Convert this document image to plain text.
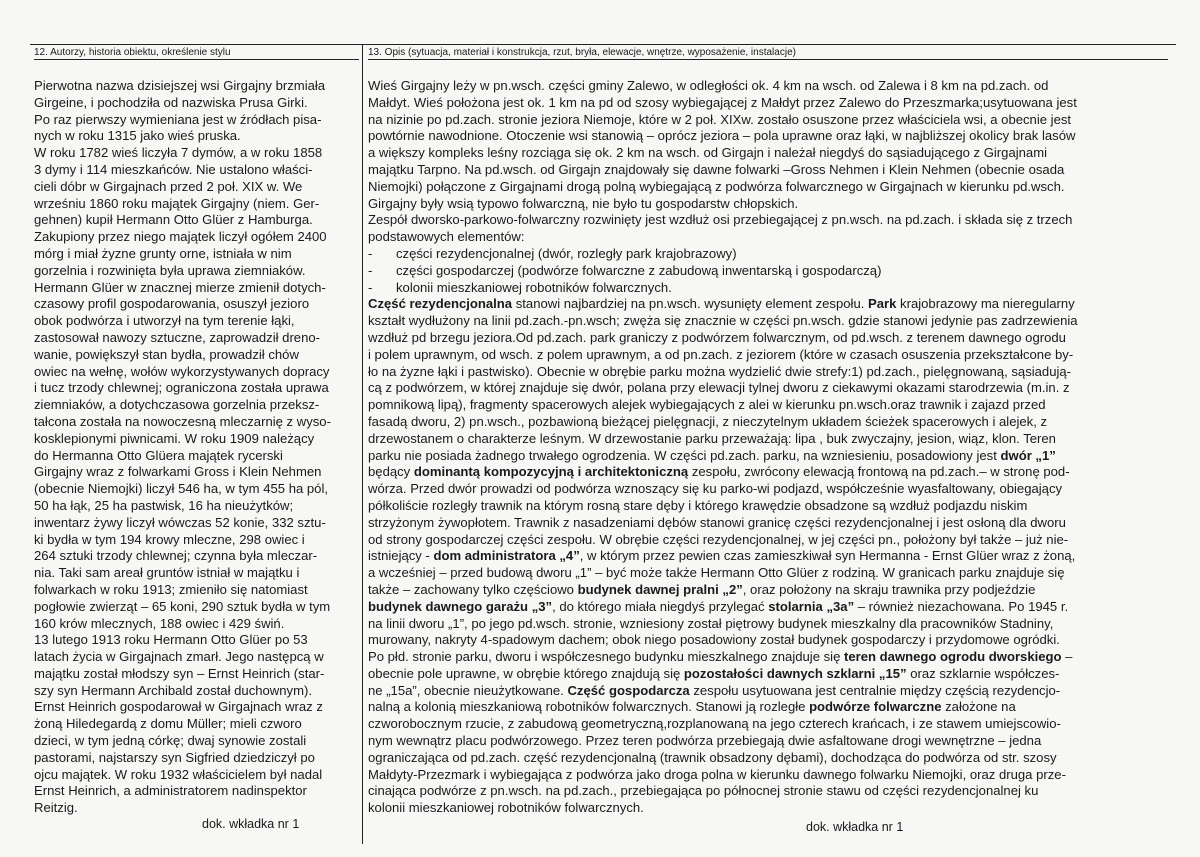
12. Autorzy, historia obiektu, określenie stylu	13. Opis (sytuacja, materiał i konstrukcja, rzut, bryła, elewacje, wnętrze, wyposażenie, instalacje)
Pierwotna nazwa dzisiejszej wsi Girgajny brzmiała
Girgeine, i pochodziła od nazwiska Prusa Girki.
Po raz pierwszy wymieniana jest w źródłach pisa-
nych w roku 1315 jako wieś pruska.
W roku 1782 wieś liczyła 7 dymów, a w roku 1858
3 dymy i 114 mieszkańców. Nie ustalono właści-
cieli dóbr w Girgajnach przed 2 poł. XIX w. We
wrześniu 1860 roku majątek Girgajny (niem. Ger-
gehnen) kupił Hermann Otto Glüer z Hamburga.
Zakupiony przez niego majątek liczył ogółem 2400
mórg i miał żyzne grunty orne, istniała w nim
gorzelnia i rozwinięta była uprawa ziemniaków.
Hermann Glüer w znacznej mierze zmienił dotych-
czasowy profil gospodarowania, osuszył jezioro
obok podwórza i utworzył na tym terenie łąki,
zastosował nawozy sztuczne, zaprowadził dreno-
wanie, powiększył stan bydła, prowadził chów
owiec na wełnę, wołów wykorzystywanych dopracy
i tucz trzody chlewnej; ograniczona została uprawa
ziemniaków, a dotychczasowa gorzelnia przeksz-
tałcona została na nowoczesną mleczarnię z wyso-
kosklepionymi piwnicami. W roku 1909 należący
do Hermanna Otto Glüera majątek rycerski
Girgajny wraz z folwarkami Gross i Klein Nehmen
(obecnie Niemojki) liczył 546 ha, w tym 455 ha pól,
50 ha łąk, 25 ha pastwisk, 16 ha nieużytków;
inwentarz żywy liczył wówczas 52 konie, 332 sztu-
ki bydła w tym 194 krowy mleczne, 298 owiec i
264 sztuki trzody chlewnej; czynna była mleczar-
nia. Taki sam areał gruntów istniał w majątku i
folwarkach w roku 1913; zmieniło się natomiast
pogłowie zwierząt – 65 koni, 290 sztuk bydła w tym
160 krów mlecznych, 188 owiec i 429 świń.
13 lutego 1913 roku Hermann Otto Glüer po 53
latach życia w Girgajnach zmarł. Jego następcą w
majątku został młodszy syn – Ernst Heinrich (star-
szy syn Hermann Archibald został duchownym).
Ernst Heinrich gospodarował w Girgajnach wraz z
żoną Hiledegardą z domu Müller; mieli czworo
dzieci, w tym jedną córkę; dwaj synowie zostali
pastorami, najstarszy syn Sigfried dziedziczył po
ojcu majątek. W roku 1932 właścicielem był nadal
Ernst Heinrich, a administratorem nadinspektor
Reitzig.
Wieś Girgajny leży w pn.wsch. części gminy Zalewo, w odległości ok. 4 km na wsch. od Zalewa i 8 km na pd.zach. od
Małdyt. Wieś położona jest ok. 1 km na pd od szosy wybiegającej z Małdyt przez Zalewo do Przeszmarka;usytuowana jest
na nizinie po pd.zach. stronie jeziora Niemoje, które w 2 poł. XIXw. zostało osuszone przez właściciela wsi, a obecnie jest
powtórnie nawodnione. Otoczenie wsi stanowią – oprócz jeziora – pola uprawne oraz łąki, w najbliższej okolicy brak lasów
a większy kompleks leśny rozciąga się ok. 2 km na wsch. od Girgajn i należał niegdyś do sąsiadującego z Girgajnami
majątku Tarpno. Na pd.wsch. od Girgajn znajdowały się dawne folwarki –Gross Nehmen i Klein Nehmen (obecnie osada
Niemojki) połączone z Girgajnami drogą polną wybiegającą z podwórza folwarcznego w Girgajnach w kierunku pd.wsch.
Girgajny były wsią typowo folwarczną, nie było tu gospodarstw chłopskich.
Zespół dworsko-parkowo-folwarczny rozwinięty jest wzdłuż osi przebiegającej z pn.wsch. na pd.zach. i składa się z trzech
podstawowych elementów:
- części rezydencjonalnej (dwór, rozległy park krajobrazowy)
- części gospodarczej (podwórze folwarczne z zabudową inwentarską i gospodarczą)
- kolonii mieszkaniowej robotników folwarcznych.
Część rezydencjonalna stanowi najbardziej na pn.wsch. wysunięty element zespołu. Park krajobrazowy ma nieregularny
kształt wydłużony na linii pd.zach.-pn.wsch; zwęża się znacznie w części pn.wsch. gdzie stanowi jedynie pas zadrzewienia
wzdłuż pd brzegu jeziora.Od pd.zach. park graniczy z podwórzem folwarcznym, od pd.wsch. z terenem dawnego ogrodu
i polem uprawnym, od wsch. z polem uprawnym, a od pn.zach. z jeziorem (które w czasach osuszenia przekształcone by-
ło na żyzne łąki i pastwisko). Obecnie w obrębie parku można wydzielić dwie strefy:1) pd.zach., pielęgnowaną, sąsiadują-
cą z podwórzem, w której znajduje się dwór, polana przy elewacji tylnej dworu z ciekawymi okazami starodrzewia (m.in. z
pomnikową lipą), fragmenty spacerowych alejek wybiegających z alei w kierunku pn.wsch.oraz trawnik i zajazd przed
fasadą dworu, 2) pn.wsch., pozbawioną bieżącej pielęgnacji, z nieczytelnym układem ścieżek spacerowych i alejek, z
drzewostanem o charakterze leśnym. W drzewostanie parku przeważają: lipa , buk zwyczajny, jesion, wiąz, klon. Teren
parku nie posiada żadnego trwałego ogrodzenia. W części pd.zach. parku, na wzniesieniu, posadowiony jest dwór „1”
będący dominantą kompozycyjną i architektoniczną zespołu, zwrócony elewacją frontową na pd.zach.– w stronę pod-
wórza. Przed dwór prowadzi od podwórza wznoszący się ku parko-wi podjazd, współcześnie wyasfaltowany, obiegający
półkoliście rozległy trawnik na którym rosną stare dęby i którego krawędzie obsadzone są wzdłuż podjazdu niskim
strzyżonym żywopłotem. Trawnik z nasadzeniami dębów stanowi granicę części rezydencjonalnej i jest osłoną dla dworu
od strony gospodarczej części zespołu. W obrębie części rezydencjonalnej, w jej części pn., położony był także – już nie-
istniejący - dom administratora „4”, w którym przez pewien czas zamieszkiwał syn Hermanna - Ernst Glüer wraz z żoną,
a wcześniej – przed budową dworu „1” – być może także Hermann Otto Glüer z rodziną. W granicach parku znajduje się
także – zachowany tylko częściowo budynek dawnej pralni „2”, oraz położony na skraju trawnika przy podjeździe
budynek dawnego garażu „3”, do którego miała niegdyś przylegać stolarnia „3a” – również niezachowana. Po 1945 r.
na linii dworu „1”, po jego pd.wsch. stronie, wzniesiony został piętrowy budynek mieszkalny dla pracowników Stadniny,
murowany, nakryty 4-spadowym dachem; obok niego posadowiony został budynek gospodarczy i przydomowe ogródki.
Po płd. stronie parku, dworu i współczesnego budynku mieszkalnego znajduje się teren dawnego ogrodu dworskiego –
obecnie pole uprawne, w obrębie którego znajdują się pozostałości dawnych szklarni „15” oraz szklarnie współczes-
ne „15a”, obecnie nieużytkowane. Część gospodarcza zespołu usytuowana jest centralnie między częścią rezydencjo-
nalną a kolonią mieszkaniową robotników folwarcznych. Stanowi ją rozległe podwórze folwarczne założone na
czworobocznym rzucie, z zabudową geometryczną,rozplanowaną na jego czterech krańcach, i ze stawem umiejscowio-
nym wewnątrz placu podwórzowego. Przez teren podwórza przebiegają dwie asfaltowane drogi wewnętrzne – jedna
ograniczająca od pd.zach. część rezydencjonalną (trawnik obsadzony dębami), dochodząca do podwórza od str. szosy
Małdyty-Przezmark i wybiegająca z podwórza jako droga polna w kierunku dawnego folwarku Niemojki, oraz druga prze-
cinająca podwórze z pn.wsch. na pd.zach., przebiegająca po północnej stronie stawu od części rezydencjonalnej ku
kolonii mieszkaniowej robotników folwarcznych.
dok. wkładka nr 1	dok. wkładka nr 1
